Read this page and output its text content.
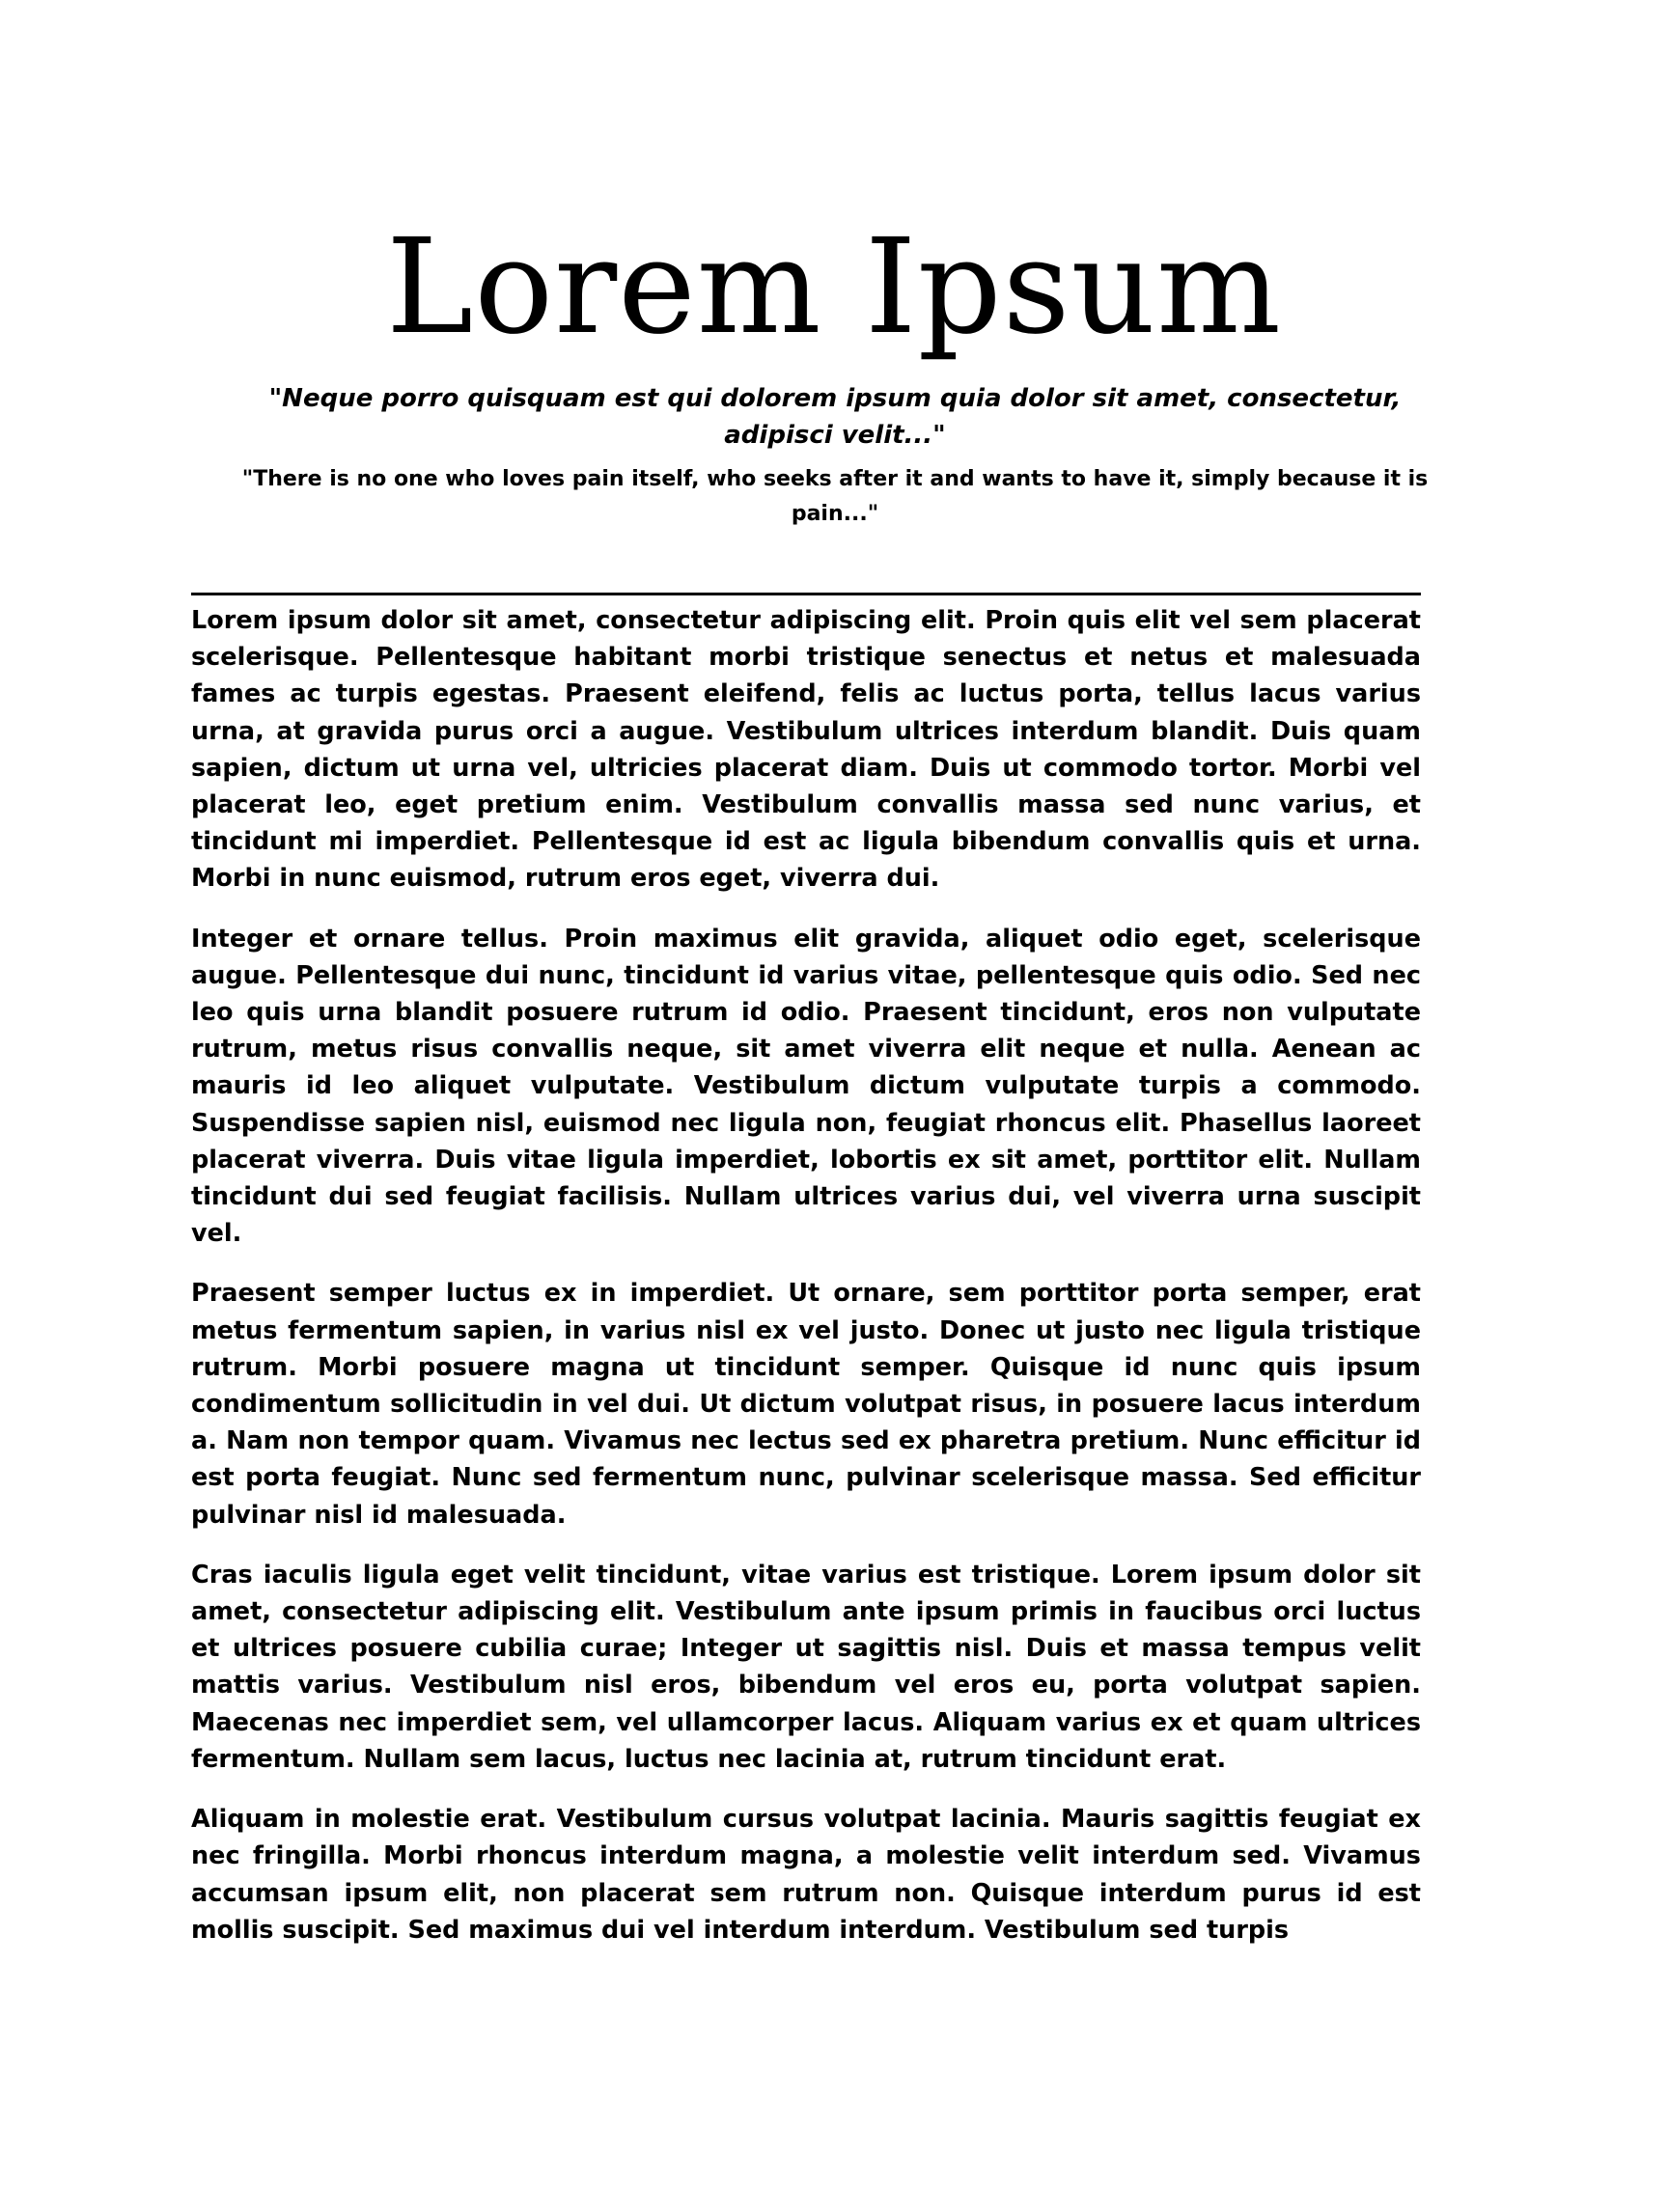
Lorem Ipsum

"Neque porro quisquam est qui dolorem ipsum quia dolor sit amet, consectetur, adipisci velit..."

"There is no one who loves pain itself, who seeks after it and wants to have it, simply because it is pain..."

Lorem ipsum dolor sit amet, consectetur adipiscing elit. Proin quis elit vel sem placerat scelerisque. Pellentesque habitant morbi tristique senectus et netus et malesuada fames ac turpis egestas. Praesent eleifend, felis ac luctus porta, tellus lacus varius urna, at gravida purus orci a augue. Vestibulum ultrices interdum blandit. Duis quam sapien, dictum ut urna vel, ultricies placerat diam. Duis ut commodo tortor. Morbi vel placerat leo, eget pretium enim. Vestibulum convallis massa sed nunc varius, et tincidunt mi imperdiet. Pellentesque id est ac ligula bibendum convallis quis et urna. Morbi in nunc euismod, rutrum eros eget, viverra dui.

Integer et ornare tellus. Proin maximus elit gravida, aliquet odio eget, scelerisque augue. Pellentesque dui nunc, tincidunt id varius vitae, pellentesque quis odio. Sed nec leo quis urna blandit posuere rutrum id odio. Praesent tincidunt, eros non vulputate rutrum, metus risus convallis neque, sit amet viverra elit neque et nulla. Aenean ac mauris id leo aliquet vulputate. Vestibulum dictum vulputate turpis a commodo. Suspendisse sapien nisl, euismod nec ligula non, feugiat rhoncus elit. Phasellus laoreet placerat viverra. Duis vitae ligula imperdiet, lobortis ex sit amet, porttitor elit. Nullam tincidunt dui sed feugiat facilisis. Nullam ultrices varius dui, vel viverra urna suscipit vel.

Praesent semper luctus ex in imperdiet. Ut ornare, sem porttitor porta semper, erat metus fermentum sapien, in varius nisl ex vel justo. Donec ut justo nec ligula tristique rutrum. Morbi posuere magna ut tincidunt semper. Quisque id nunc quis ipsum condimentum sollicitudin in vel dui. Ut dictum volutpat risus, in posuere lacus interdum a. Nam non tempor quam. Vivamus nec lectus sed ex pharetra pretium. Nunc efficitur id est porta feugiat. Nunc sed fermentum nunc, pulvinar scelerisque massa. Sed efficitur pulvinar nisl id malesuada.

Cras iaculis ligula eget velit tincidunt, vitae varius est tristique. Lorem ipsum dolor sit amet, consectetur adipiscing elit. Vestibulum ante ipsum primis in faucibus orci luctus et ultrices posuere cubilia curae; Integer ut sagittis nisl. Duis et massa tempus velit mattis varius. Vestibulum nisl eros, bibendum vel eros eu, porta volutpat sapien. Maecenas nec imperdiet sem, vel ullamcorper lacus. Aliquam varius ex et quam ultrices fermentum. Nullam sem lacus, luctus nec lacinia at, rutrum tincidunt erat.

Aliquam in molestie erat. Vestibulum cursus volutpat lacinia. Mauris sagittis feugiat ex nec fringilla. Morbi rhoncus interdum magna, a molestie velit interdum sed. Vivamus accumsan ipsum elit, non placerat sem rutrum non. Quisque interdum purus id est mollis suscipit. Sed maximus dui vel interdum interdum. Vestibulum sed turpis
